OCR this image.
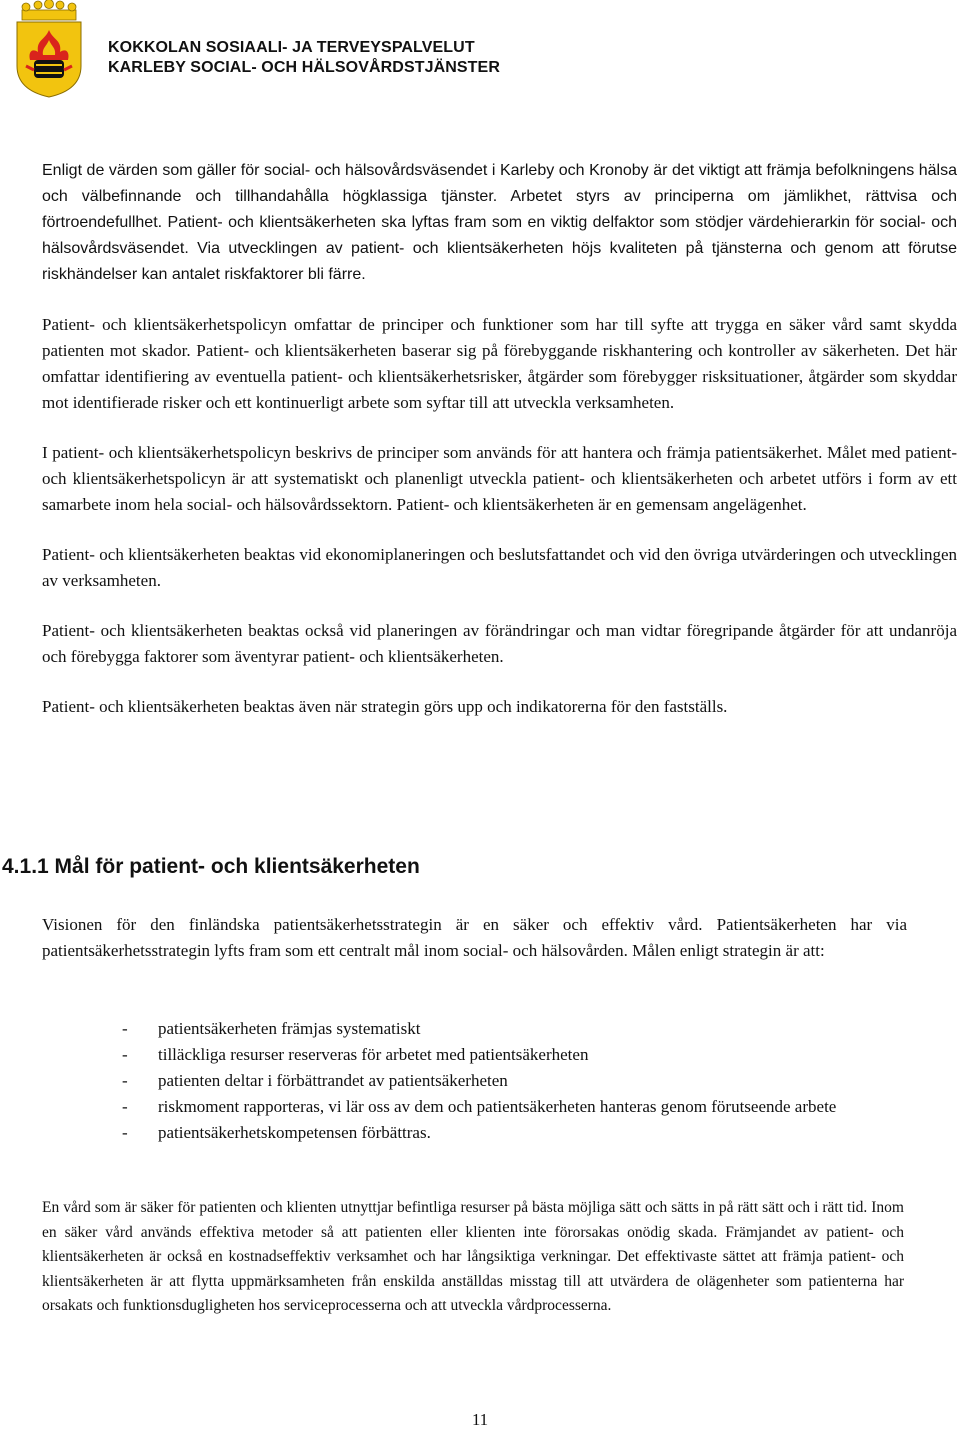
KOKKOLAN SOSIAALI- JA TERVEYSPALVELUT
KARLEBY SOCIAL- OCH HÄLSOVÅRDSTJÄNSTER

Enligt de värden som gäller för social- och hälsovårdsväsendet i Karleby och Kronoby är det viktigt att främja befolkningens hälsa och välbefinnande och tillhandahålla högklassiga tjänster. Arbetet styrs av principerna om jämlikhet, rättvisa och förtroendefullhet. Patient- och klientsäkerheten ska lyftas fram som en viktig delfaktor som stödjer värdehierarkin för social- och hälsovårdsväsendet. Via utvecklingen av patient- och klientsäkerheten höjs kvaliteten på tjänsterna och genom att förutse riskhändelser kan antalet riskfaktorer bli färre.

Patient- och klientsäkerhetspolicyn omfattar de principer och funktioner som har till syfte att trygga en säker vård samt skydda patienten mot skador. Patient- och klientsäkerheten baserar sig på förebyggande riskhantering och kontroller av säkerheten. Det här omfattar identifiering av eventuella patient- och klientsäkerhetsrisker, åtgärder som förebygger risksituationer, åtgärder som skyddar mot identifierade risker och ett kontinuerligt arbete som syftar till att utveckla verksamheten.

I patient- och klientsäkerhetspolicyn beskrivs de principer som används för att hantera och främja patientsäkerhet. Målet med patient- och klientsäkerhetspolicyn är att systematiskt och planenligt utveckla patient- och klientsäkerheten och arbetet utförs i form av ett samarbete inom hela social- och hälsovårdssektorn. Patient- och klientsäkerheten är en gemensam angelägenhet.

Patient- och klientsäkerheten beaktas vid ekonomiplaneringen och beslutsfattandet och vid den övriga utvärderingen och utvecklingen av verksamheten.

Patient- och klientsäkerheten beaktas också vid planeringen av förändringar och man vidtar föregripande åtgärder för att undanröja och förebygga faktorer som äventyrar patient- och klientsäkerheten.

Patient- och klientsäkerheten beaktas även när strategin görs upp och indikatorerna för den fastställs.

4.1.1 Mål för patient- och klientsäkerheten

Visionen för den finländska patientsäkerhetsstrategin är en säker och effektiv vård. Patientsäkerheten har via patientsäkerhetsstrategin lyfts fram som ett centralt mål inom social- och hälsovården. Målen enligt strategin är att:

- patientsäkerheten främjas systematiskt
- tilläckliga resurser reserveras för arbetet med patientsäkerheten
- patienten deltar i förbättrandet av patientsäkerheten
- riskmoment rapporteras, vi lär oss av dem och patientsäkerheten hanteras genom förutseende arbete
- patientsäkerhetskompetensen förbättras.

En vård som är säker för patienten och klienten utnyttjar befintliga resurser på bästa möjliga sätt och sätts in på rätt sätt och i rätt tid. Inom en säker vård används effektiva metoder så att patienten eller klienten inte förorsakas onödig skada. Främjandet av patient- och klientsäkerheten är också en kostnadseffektiv verksamhet och har långsiktiga verkningar. Det effektivaste sättet att främja patient- och klientsäkerheten är att flytta uppmärksamheten från enskilda anställdas misstag till att utvärdera de olägenheter som patienterna har orsakats och funktionsdugligheten hos serviceprocesserna och att utveckla vårdprocesserna.

11
